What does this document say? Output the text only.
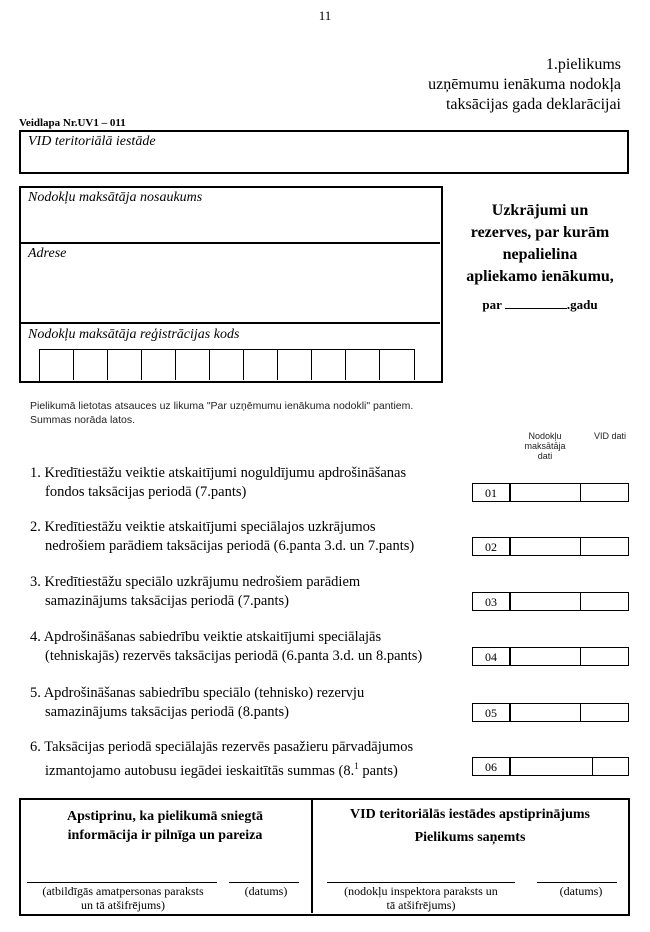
11
1.pielikums
uzņēmumu ienākuma nodokļa
taksācijas gada deklarācijai
Veidlapa Nr.UV1 – 011
VID teritoriālā iestāde
Nodokļu maksātāja nosaukums
Adrese
Nodokļu maksātāja reģistrācijas kods
Uzkrājumi un
rezerves, par kurām
nepalielina
apliekamo ienākumu,
par	.gadu
Pielikumā lietotas atsauces uz likuma "Par uzņēmumu ienākuma nodokli" pantiem.
Summas norāda latos.
Nodokļu
maksātāja
dati
VID dati
1. Kredītiestāžu veiktie atskaitījumi noguldījumu apdrošināšanas
fondos taksācijas periodā (7.pants)	01
2. Kredītiestāžu veiktie atskaitījumi speciālajos uzkrājumos
nedrošiem parādiem taksācijas periodā (6.panta 3.d. un 7.pants)	02
3. Kredītiestāžu speciālo uzkrājumu nedrošiem parādiem
samazinājums taksācijas periodā (7.pants)	03
4. Apdrošināšanas sabiedrību veiktie atskaitījumi speciālajās
(tehniskajās) rezervēs taksācijas periodā (6.panta 3.d. un 8.pants)	04
5. Apdrošināšanas sabiedrību speciālo (tehnisko) rezervju
samazinājums taksācijas periodā (8.pants)	05
6. Taksācijas periodā speciālajās rezervēs pasažieru pārvadājumos
izmantojamo autobusu iegādei ieskaitītās summas (8.$^1$ pants)	06
Apstiprinu, ka pielikumā sniegtā
informācija ir pilnīga un pareiza
(atbildīgās amatpersonas paraksts
un tā atšifrējums)
(datums)
VID teritoriālās iestādes apstiprinājums
Pielikums saņemts
(nodokļu inspektora paraksts un
tā atšifrējums)
(datums)
